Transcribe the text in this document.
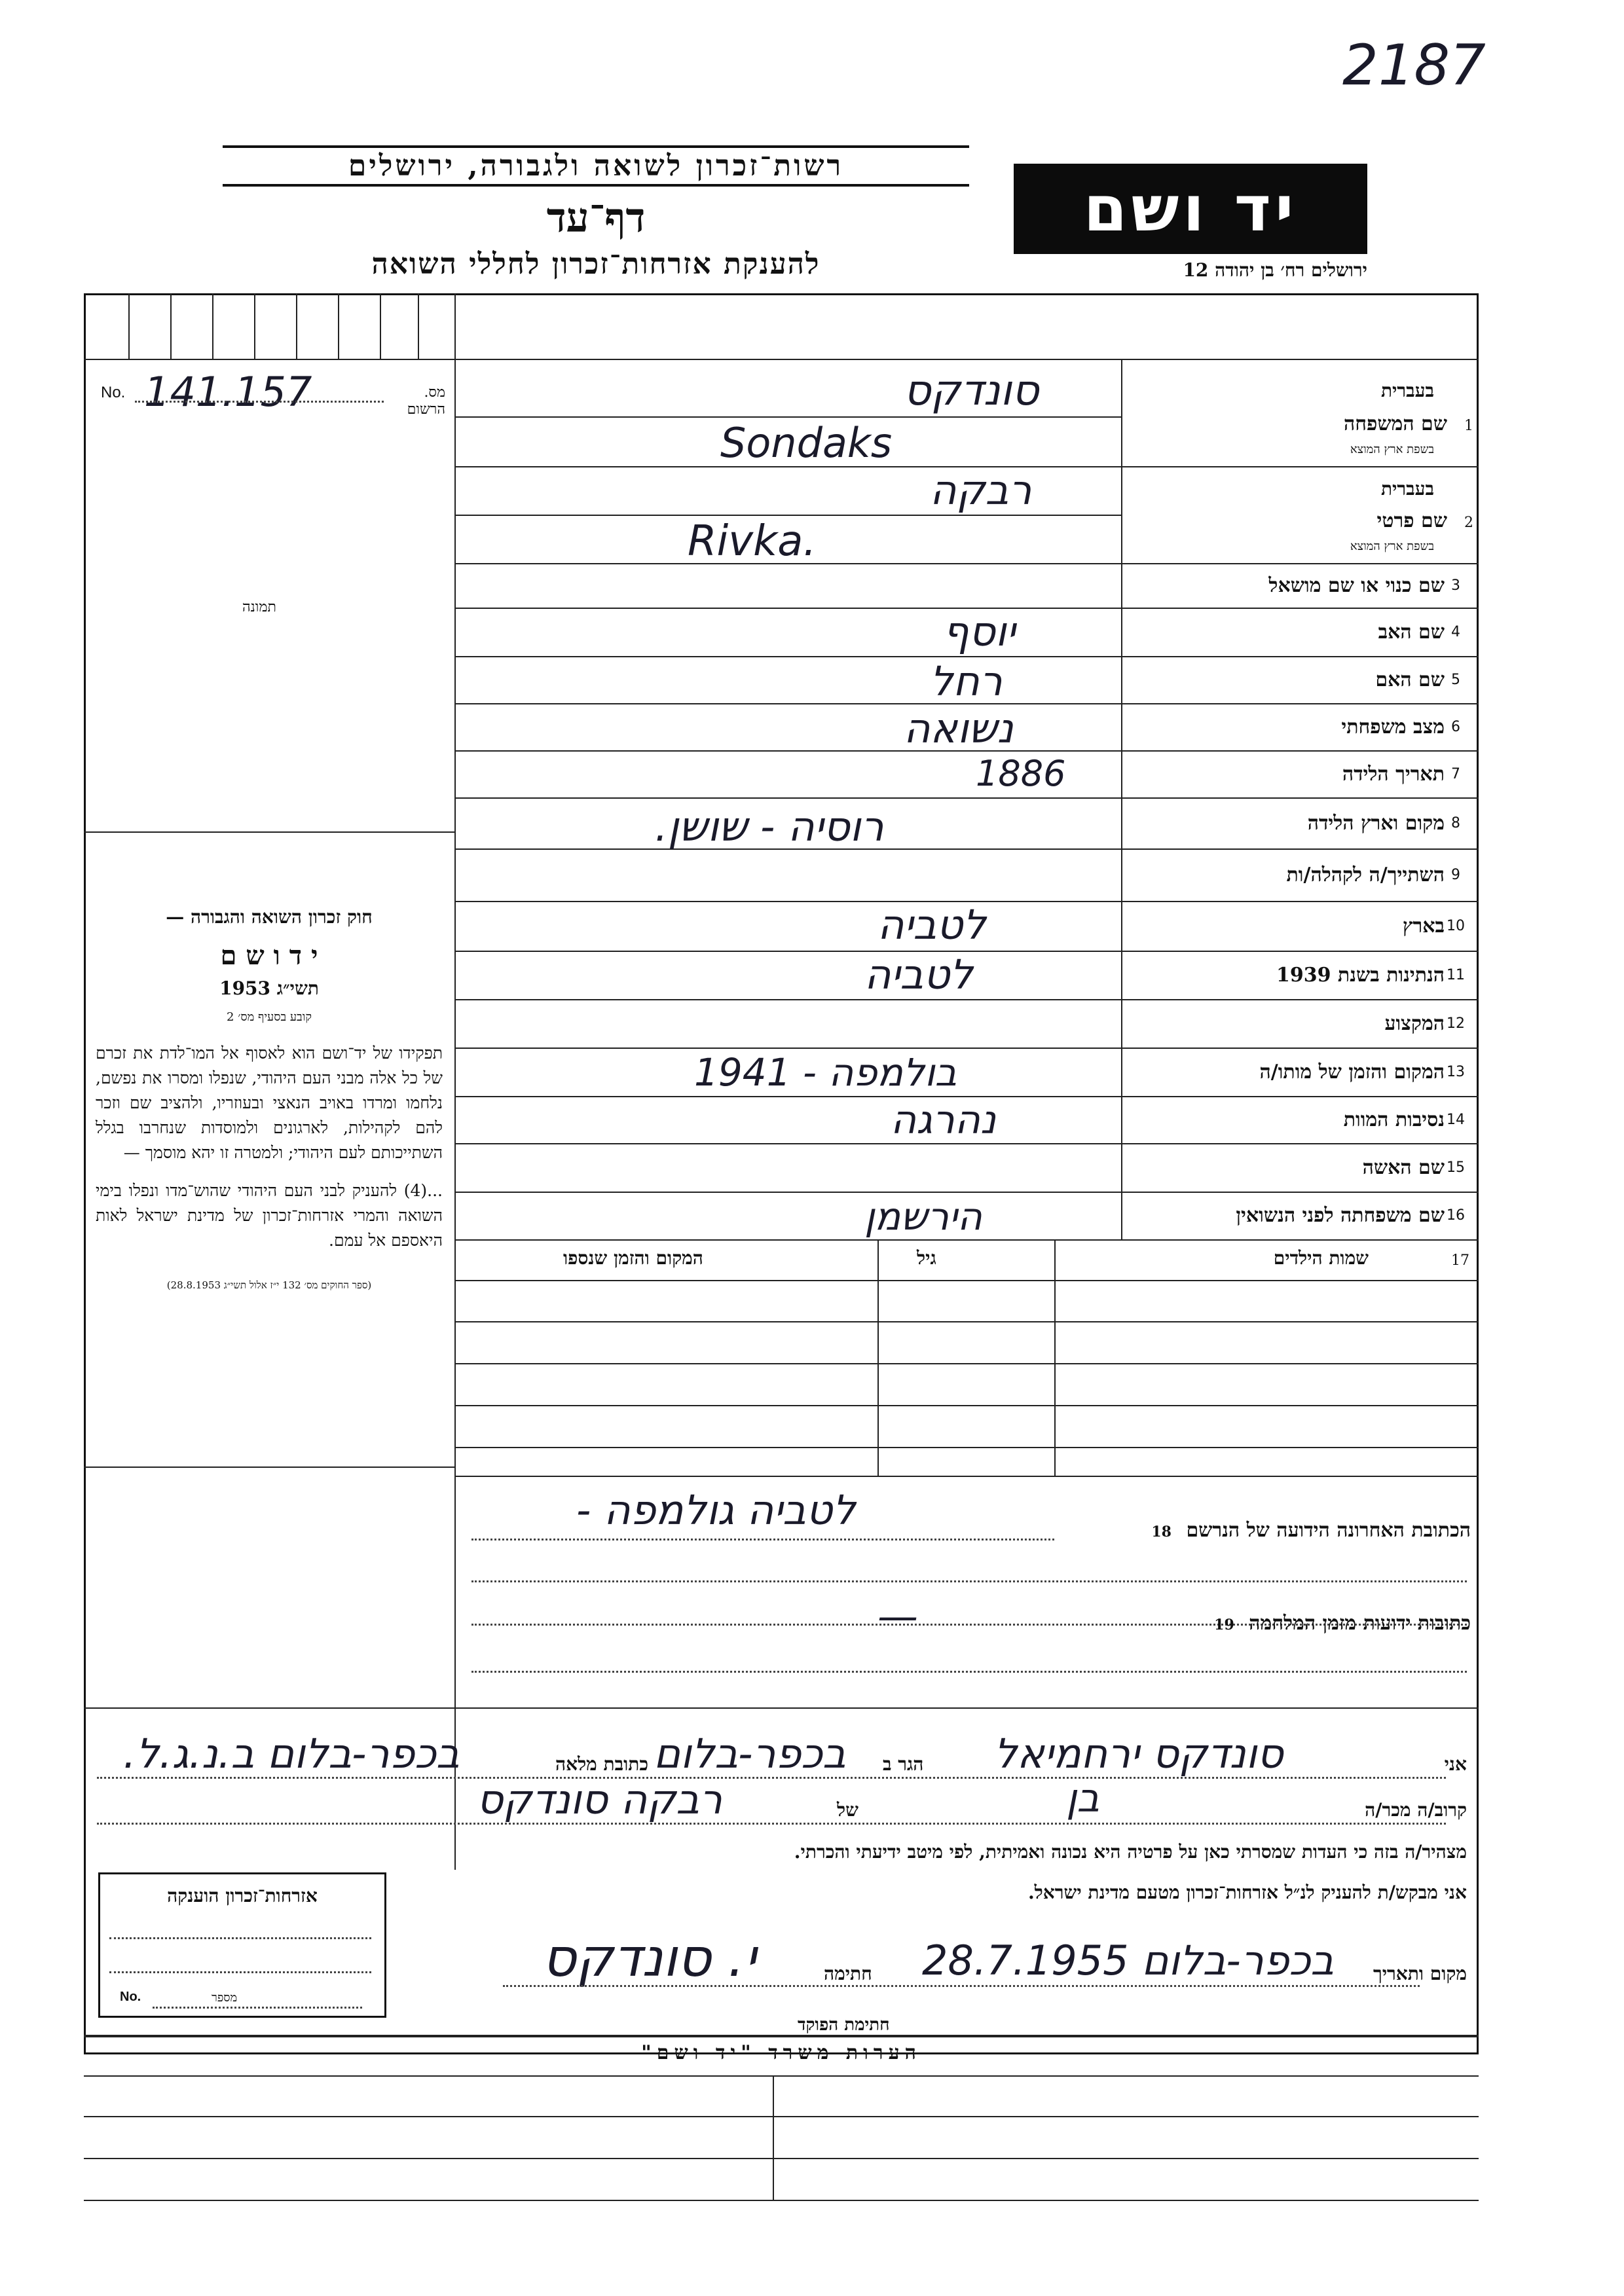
2187
רשות־זכרון לשואה ולגבורה, ירושלים
דף־עד
להענקת אזרחות־זכרון לחללי השואה
יד ושם
ירושלים רח׳ בן יהודה 12
No. 141.157	מס. הרשום
תמונה
חוק זכרון השואה והגבורה —
י ד ו ש ם
תשי״ג 1953
קובע בסעיף מס׳ 2
תפקידו של יד־ושם הוא לאסוף אל המו־לדת את זכרם של כל אלה מבני העם היהודי, שנפלו ומסרו את נפשם, נלחמו ומרדו באויב הנאצי ובעוזריו, ולהציב שם וזכר להם לקהילות, לארגונים ולמוסדות שנחרבו בגלל השתייכותם לעם היהודי; ולמטרה זו יהא מוסמך —
...(4) להעניק לבני העם היהודי שהוש־מדו ונפלו בימי השואה והמרי אזרחות־זכרון של מדינת ישראל לאות היאספם אל עמם.
(ספר החוקים מס׳ 132 י״ז אלול תשי״ג 28.8.1953)
בעברית
שם המשפחה
בשפת ארץ המוצא
1
סונדקס
Sondaks
בעברית
שם פרטי
בשפת ארץ המוצא
2
רבקה
Rivka.
3
שם כנוי או שם מושאל
4
שם האב
יוסף
5
שם האם
רחל
6
מצב משפחתי
נשואה
7
תאריך הלידה
1886
8
מקום וארץ הלידה
רוסיה - שושן.
9
השתייך/ה לקהלה/ות
10
בארץ
לטביה
11
הנתינות בשנת 1939
לטביה
12
המקצוע
13
המקום והזמן של מותו/ה
בולמפה - 1941
14
נסיבות המוות
נהרגה
15
שם האשה
16
שם משפחתה לפני הנשואין
הירשמן
17
שמות הילדים
גיל
המקום והזמן שנספו
הכתובת האחרונה הידועה של הנרשם 18
לטביה גולמפה -
כתובות ידועות מזמן המלחמה 19
—
אני
סונדקס ירחמיאל
הגר ב
בכפר-בלום
כתובת מלאה
בכפר-בלום ב.נ.ג.ל.
קרוב/ה מכר/ה
בן
של
רבקה סונדקס
מצהיר/ה בזה כי העדות שמסרתי כאן על פרטיה היא נכונה ואמיתית, לפי מיטב ידיעתי והכרתי.
אני מבקש/ת להעניק לנ״ל אזרחות־זכרון מטעם מדינת ישראל.
מקום ותאריך
בכפר-בלום 28.7.1955
חתימה
י. סונדקס
חתימת הפוקד
אזרחות־זכרון הוענקה
No.	מספר
הערות משרד "יד ושם"
